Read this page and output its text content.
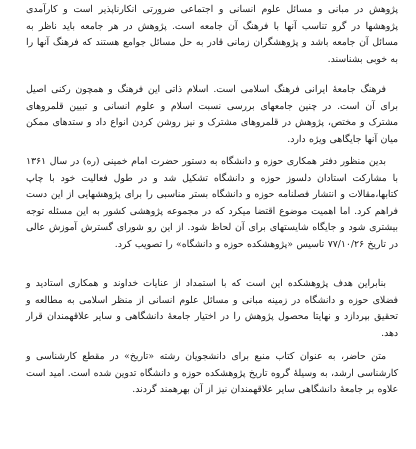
پژوهش در مبانی و مسائل علوم انسانی و اجتماعی ضرورتی انکارناپذیر است و کارآمدی پژوهشها در گرو تناسب آنها با فرهنگ آن جامعه است. پژوهش در هر جامعه باید ناظر به مسائل آن جامعه باشد و پژوهشگران زمانی قادر به حل مسائل جوامع هستند که فرهنگ آنها را به خوبی بشناسند.

فرهنگ جامعهٔ ایرانی فرهنگ اسلامی است. اسلام ذاتی این فرهنگ و همچون رکنی اصیل برای آن است. در چنین جامعهای بررسی نسبت اسلام و علوم انسانی و تبیین قلمروهای مشترک و مختص، پژوهش در قلمروهای مشترک و نیز روشن کردن انواع داد و ستدهای ممکن میان آنها جایگاهی ویژه دارد.

بدین منظور دفتر همکاری حوزه و دانشگاه به دستور حضرت امام خمینی (ره) در سال ۱۳۶۱ با مشارکت استادان دلسوز حوزه و دانشگاه تشکیل شد و در طول فعالیت خود با چاپ کتابها،مقالات و انتشار فصلنامه حوزه و دانشگاه بستر مناسبی را برای پژوهشهایی از این دست فراهم کرد. اما اهمیت موضوع اقتضا میکرد که در مجموعه پژوهشی کشور به این مسئله توجه بیشتری شود و جایگاه شایستهای برای آن لحاظ شود. از این رو شورای گسترش آموزش عالی در تاریخ ۷۷/۱۰/۲۶ تاسیس «پژوهشکده حوزه و دانشگاه» را تصویب کرد.

بنابراین هدف پژوهشکده این است که با استمداد از عنایات خداوند و همکاری استادید و فضلای حوزه و دانشگاه در زمینه مبانی و مسائل علوم انسانی از منظر اسلامی به مطالعه و تحقیق بپردازد و نهایتا محصول پژوهش را در اختیار جامعهٔ دانشگاهی و سایر علاقهمندان قرار دهد.

متن حاضر، به عنوان کتاب منبع برای دانشجویان رشته «تاریخ» در مقطع کارشناسی و کارشناسی ارشد، به وسیلهٔ گروه تاریخ پژوهشکده حوزه و دانشگاه تدوین شده است. امید است علاوه بر جامعهٔ دانشگاهی سایر علاقهمندان نیز از آن بهرهمند گردند.
